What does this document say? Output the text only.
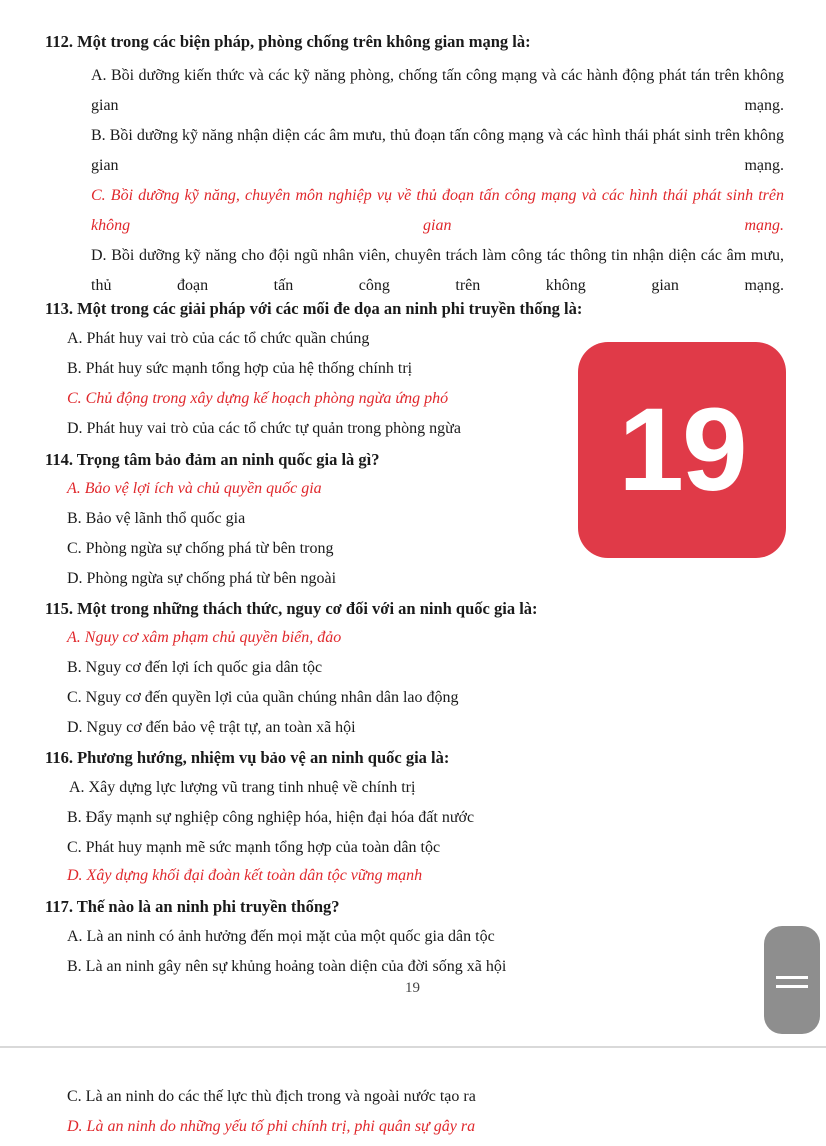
112. Một trong các biện pháp, phòng chống trên không gian mạng là:
A. Bồi dưỡng kiến thức và các kỹ năng phòng, chống tấn công mạng và các hành động phát tán trên không gian mạng.
B. Bồi dưỡng kỹ năng nhận diện các âm mưu, thủ đoạn tấn công mạng và các hình thái phát sinh trên không gian mạng.
C. Bồi dưỡng kỹ năng, chuyên môn nghiệp vụ về thủ đoạn tấn công mạng và các hình thái phát sinh trên không gian mạng.
D. Bồi dưỡng kỹ năng cho đội ngũ nhân viên, chuyên trách làm công tác thông tin nhận diện các âm mưu, thủ đoạn tấn công trên không gian mạng.
113. Một trong các giải pháp với các mối đe dọa an ninh phi truyền thống là:
A. Phát huy vai trò của các tổ chức quần chúng
B. Phát huy sức mạnh tổng hợp của hệ thống chính trị
C. Chủ động trong xây dựng kế hoạch phòng ngừa ứng phó
D. Phát huy vai trò của các tổ chức tự quản trong phòng ngừa
114. Trọng tâm bảo đảm an ninh quốc gia là gì?
A. Bảo vệ lợi ích và chủ quyền quốc gia
B. Bảo vệ lãnh thổ quốc gia
C. Phòng ngừa sự chống phá từ bên trong
D. Phòng ngừa sự chống phá từ bên ngoài
115. Một trong những thách thức, nguy cơ đối với an ninh quốc gia là:
A. Nguy cơ xâm phạm chủ quyền biển, đảo
B. Nguy cơ đến lợi ích quốc gia dân tộc
C. Nguy cơ đến quyền lợi của quần chúng nhân dân lao động
D. Nguy cơ đến bảo vệ trật tự, an toàn xã hội
116. Phương hướng, nhiệm vụ bảo vệ an ninh quốc gia là:
A. Xây dựng lực lượng vũ trang tinh nhuệ về chính trị
B. Đẩy mạnh sự nghiệp công nghiệp hóa, hiện đại hóa đất nước
C. Phát huy mạnh mẽ sức mạnh tổng hợp của toàn dân tộc
D. Xây dựng khối đại đoàn kết toàn dân tộc vững mạnh
117. Thế nào là an ninh phi truyền thống?
A. Là an ninh có ảnh hưởng đến mọi mặt của một quốc gia dân tộc
B. Là an ninh gây nên sự khủng hoảng toàn diện của đời sống xã hội
19
19
C. Là an ninh do các thế lực thù địch trong và ngoài nước tạo ra
D. Là an ninh do những yếu tố phi chính trị, phi quân sự gây ra
